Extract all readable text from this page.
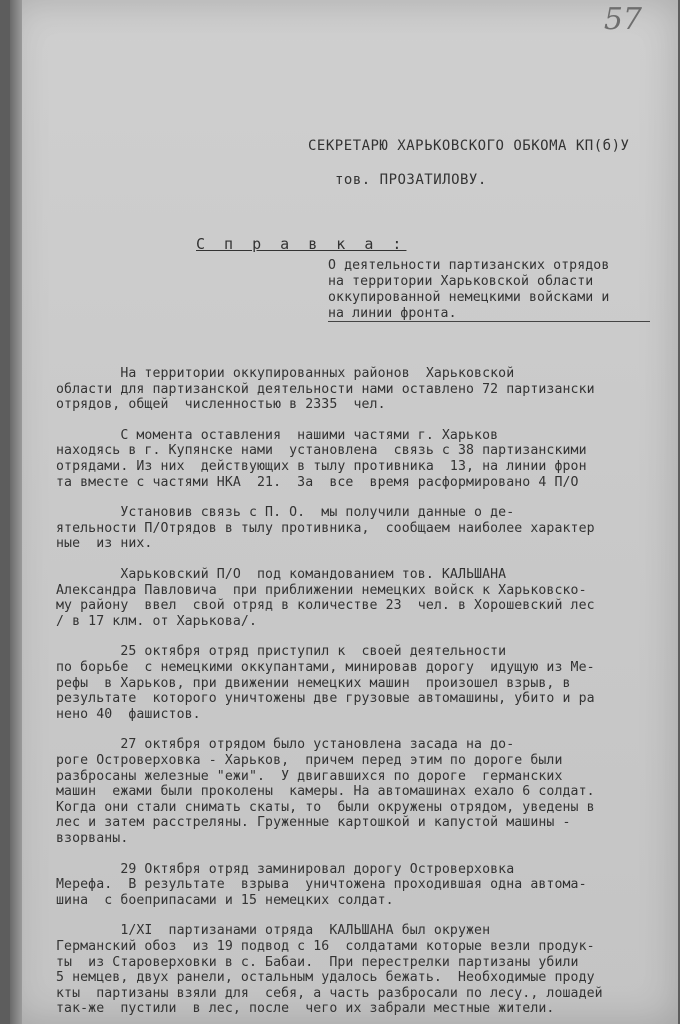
57
СЕКРЕТАРЮ ХАРЬКОВСКОГО ОБКОМА КП(б)У
тов. ПРОЗАТИЛОВУ.
С п р а в к а :
О деятельности партизанских отрядов
на территории Харьковской области
оккупированной немецкими войсками и
на линии фронта.
На территории оккупированных районов  Харьковской
области для партизанской деятельности нами оставлено 72 партизански
отрядов, общей  численностью в 2335  чел.
С момента оставления  нашими частями г. Харьков
находясь в г. Купянске нами  установлена  связь с 38 партизанскими
отрядами. Из них  действующих в тылу противника  13, на линии фрон
та вместе с частями НКА  21.  За  все  время расформировано 4 П/О
Установив связь с П. О.  мы получили данные о де-
ятельности П/Отрядов в тылу противника,  сообщаем наиболее характер
ные  из них.
Харьковский П/О  под командованием тов. КАЛЬШАНА
Александра Павловича  при приближении немецких войск к Харьковско-
му району  ввел  свой отряд в количестве 23  чел. в Хорошевский лес
/ в 17 клм. от Харькова/.
25 октября отряд приступил к  своей деятельности
по борьбе  с немецкими оккупантами, минировав дорогу  идущую из Ме-
рефы  в Харьков, при движении немецких машин  произошел взрыв, в
результате  которого уничтожены две грузовые автомашины, убито и ра
нено 40  фашистов.
27 октября отрядом было установлена засада на до-
роге Островерховка - Харьков,  причем перед этим по дороге были
разбросаны железные "ежи".  У двигавшихся по дороге  германских
машин  ежами были проколены  камеры. На автомашинах ехало 6 солдат.
Когда они стали снимать скаты, то  были окружены отрядом, уведены в
лес и затем расстреляны. Груженные картошкой и капустой машины -
взорваны.
29 Октября отряд заминировал дорогу Островерховка
Мерефа.  В результате  взрыва  уничтожена проходившая одна автома-
шина  с боеприпасами и 15 немецких солдат.
1/XI  партизанами отряда  КАЛЬШАНА был окружен
Германский обоз  из 19 подвод с 16  солдатами которые везли продук-
ты  из Староверховки в с. Бабаи.  При перестрелки партизаны убили
5 немцев, двух ранели, остальным удалось бежать.  Необходимые проду
кты  партизаны взяли для  себя, а часть разбросали по лесу., лошадей
так-же  пустили  в лес, после  чего их забрали местные жители.
